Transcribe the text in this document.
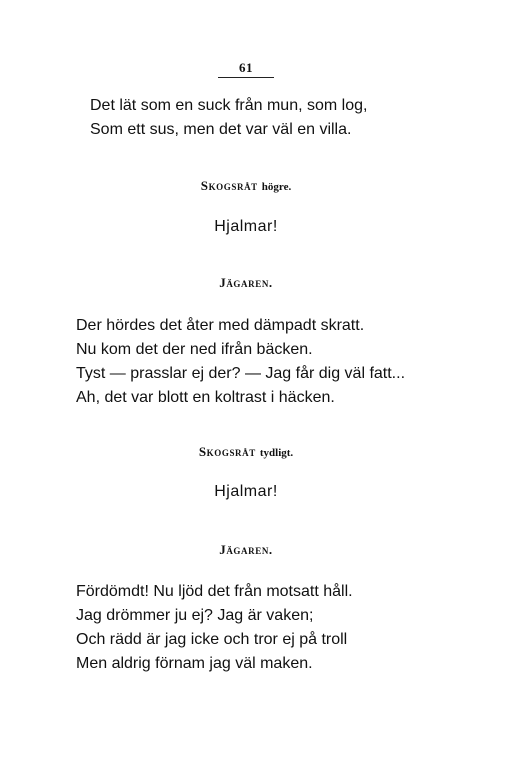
61
Det lät som en suck från mun, som log,
Som ett sus, men det var väl en villa.
Skogsråt högre.
Hjalmar!
Jägaren.
Der hördes det åter med dämpadt skratt.
Nu kom det der ned ifrån bäcken.
Tyst — prasslar ej der? — Jag får dig väl fatt...
Ah, det var blott en koltrast i häcken.
Skogsråt tydligt.
Hjalmar!
Jägaren.
Fördömdt! Nu ljöd det från motsatt håll.
Jag drömmer ju ej? Jag är vaken;
Och rädd är jag icke och tror ej på troll
Men aldrig förnam jag väl maken.
